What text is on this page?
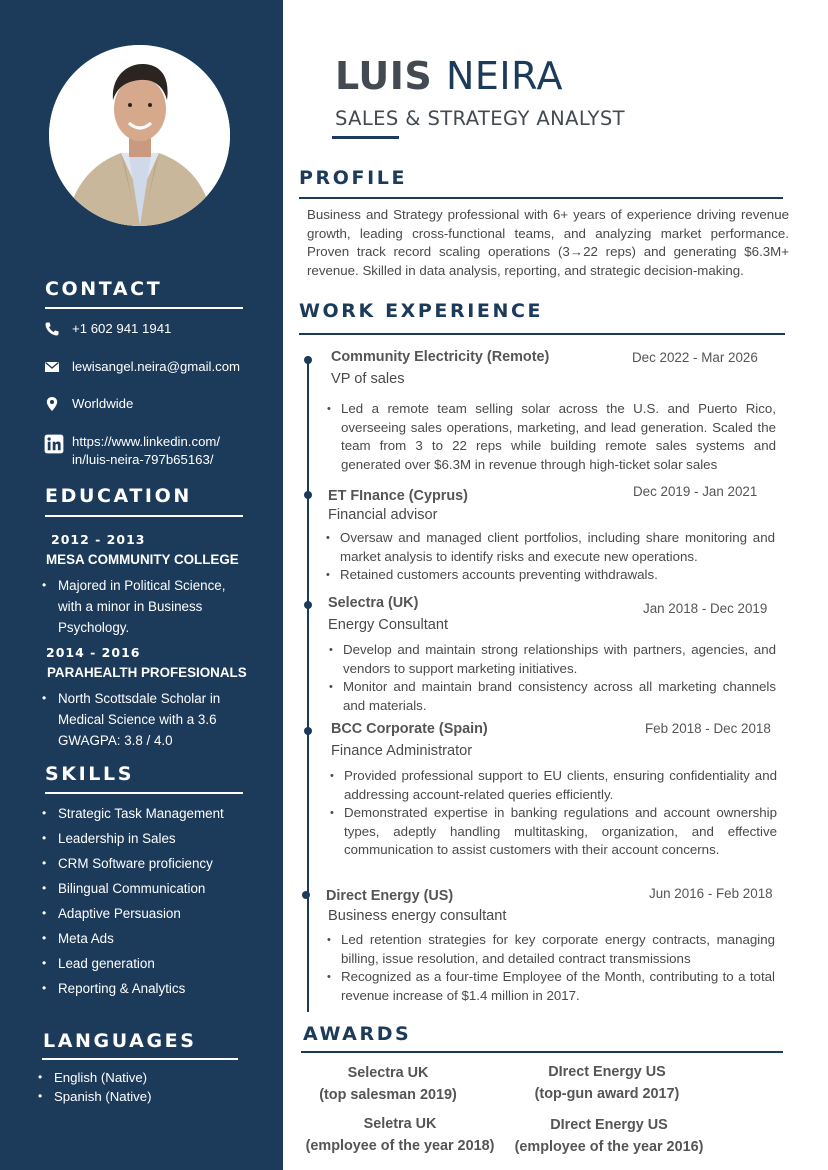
CONTACT
+1 602 941 1941
lewisangel.neira@gmail.com
Worldwide
https://www.linkedin.com/
in/luis-neira-797b65163/
EDUCATION
2012 - 2013
MESA COMMUNITY COLLEGE
• Majored in Political Science, with a minor in Business Psychology.
2014 - 2016
PARAHEALTH PROFESIONALS
• North Scottsdale Scholar in Medical Science with a 3.6 GWAGPA: 3.8 / 4.0
SKILLS
• Strategic Task Management
• Leadership in Sales
• CRM Software proficiency
• Bilingual Communication
• Adaptive Persuasion
• Meta Ads
• Lead generation
• Reporting & Analytics
LANGUAGES
• English (Native)
• Spanish (Native)
LUIS NEIRA
SALES & STRATEGY ANALYST
PROFILE

Business and Strategy professional with 6+ years of experience driving revenue growth, leading cross-functional teams, and analyzing market performance. Proven track record scaling operations (3→22 reps) and generating $6.3M+ revenue. Skilled in data analysis, reporting, and strategic decision-making.

WORK EXPERIENCE
Community Electricity (Remote)	Dec 2022 - Mar 2026
VP of sales
• Led a remote team selling solar across the U.S. and Puerto Rico, overseeing sales operations, marketing, and lead generation. Scaled the team from 3 to 22 reps while building remote sales systems and generated over $6.3M in revenue through high-ticket solar sales
ET FInance (Cyprus)	Dec 2019 - Jan 2021
Financial advisor
• Oversaw and managed client portfolios, including share monitoring and market analysis to identify risks and execute new operations.
• Retained customers accounts preventing withdrawals.
Selectra (UK)	Jan 2018 - Dec 2019
Energy Consultant
• Develop and maintain strong relationships with partners, agencies, and vendors to support marketing initiatives.
• Monitor and maintain brand consistency across all marketing channels and materials.
BCC Corporate (Spain)	Feb 2018 - Dec 2018
Finance Administrator
• Provided professional support to EU clients, ensuring confidentiality and addressing account-related queries efficiently.
• Demonstrated expertise in banking regulations and account ownership types, adeptly handling multitasking, organization, and effective communication to assist customers with their account concerns.
Direct Energy (US)	Jun 2016 - Feb 2018
Business energy consultant
• Led retention strategies for key corporate energy contracts, managing billing, issue resolution, and detailed contract transmissions
• Recognized as a four-time Employee of the Month, contributing to a total revenue increase of $1.4 million in 2017.
AWARDS
Selectra UK
(top salesman 2019)
DIrect Energy US
(top-gun award 2017)
Seletra UK
(employee of the year 2018)
DIrect Energy US
(employee of the year 2016)
